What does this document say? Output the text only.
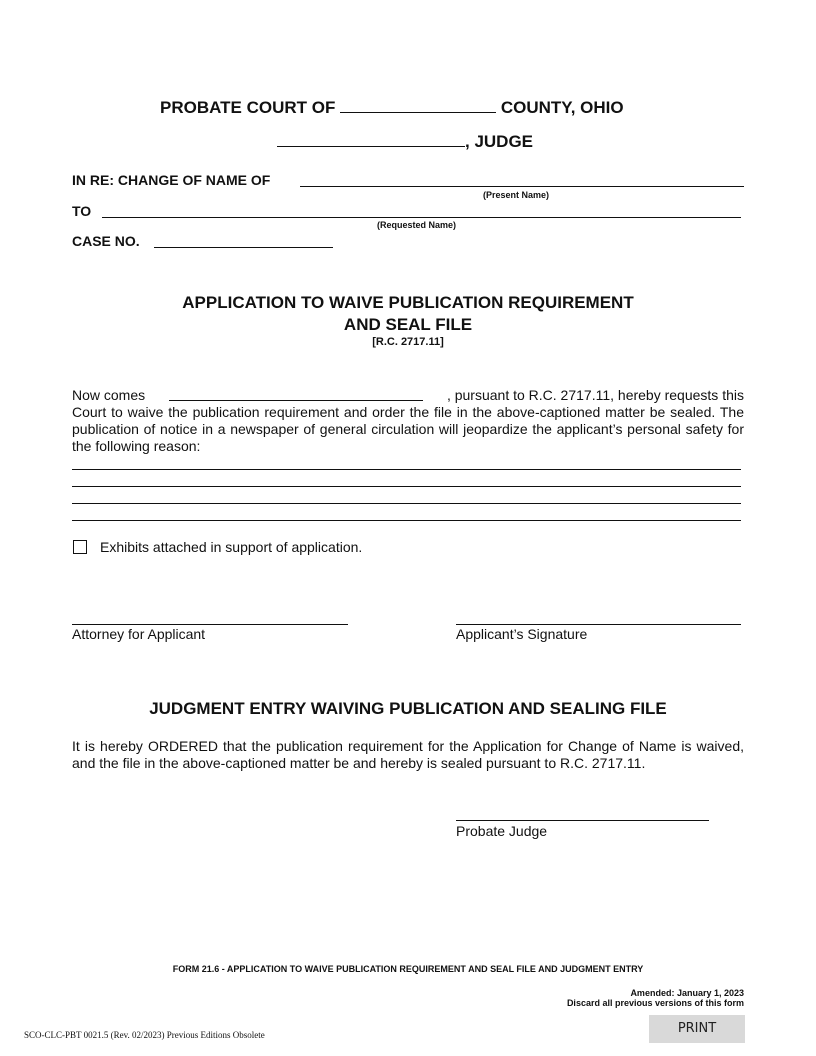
PROBATE COURT OF	COUNTY, OHIO
, JUDGE
IN RE: CHANGE OF NAME OF
(Present Name)
TO
(Requested Name)
CASE NO.
APPLICATION TO WAIVE PUBLICATION REQUIREMENT
AND SEAL FILE
[R.C. 2717.11]
Now comes	, pursuant to R.C. 2717.11, hereby requests this
Court to waive the publication requirement and order the file in the above-captioned matter be sealed. The publication of notice in a newspaper of general circulation will jeopardize the applicant’s personal safety for the following reason:
Exhibits attached in support of application.
Attorney for Applicant	Applicant’s Signature
JUDGMENT ENTRY WAIVING PUBLICATION AND SEALING FILE
It is hereby ORDERED that the publication requirement for the Application for Change of Name is waived, and the file in the above-captioned matter be and hereby is sealed pursuant to R.C. 2717.11.
Probate Judge
FORM 21.6 - APPLICATION TO WAIVE PUBLICATION REQUIREMENT AND SEAL FILE AND JUDGMENT ENTRY
Amended: January 1, 2023
Discard all previous versions of this form
SCO-CLC-PBT 0021.5 (Rev. 02/2023) Previous Editions Obsolete	PRINT
